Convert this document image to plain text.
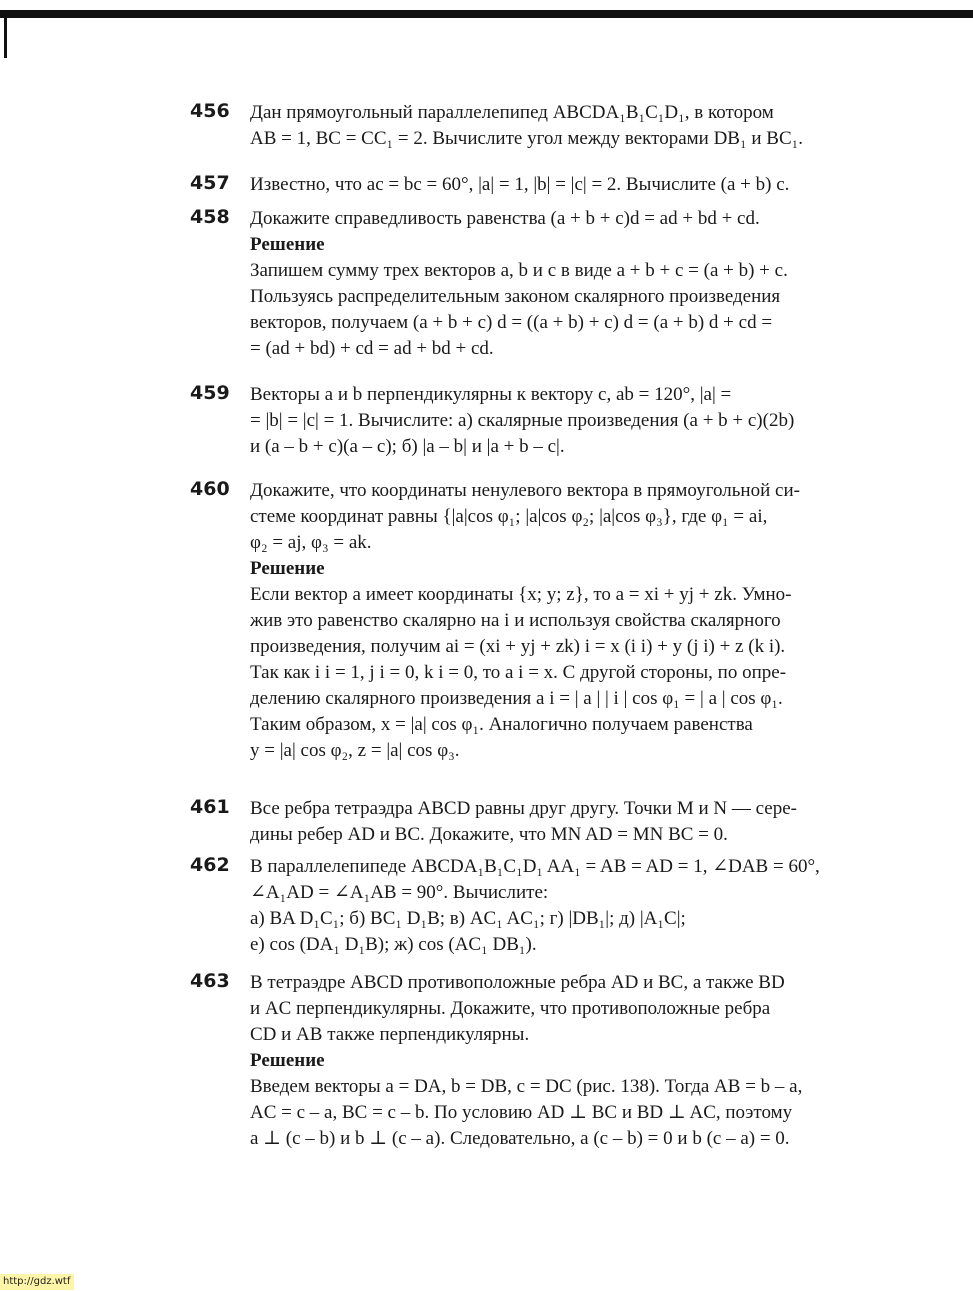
456	Дан прямоугольный параллелепипед ABCDA₁B₁C₁D₁, в котором

AB = 1, BC = CC₁ = 2. Вычислите угол между векторами DB₁ и BC₁.

457	Известно, что ac = bc = 60°, |a| = 1, |b| = |c| = 2. Вычислите (a + b) c.

458	Докажите справедливость равенства (a + b + c)d = ad + bd + cd.

Решение

Запишем сумму трех векторов a, b и c в виде a + b + c = (a + b) + c.

Пользуясь распределительным законом скалярного произведения

векторов, получаем (a + b + c) d = ((a + b) + c) d = (a + b) d + cd =

= (ad + bd) + cd = ad + bd + cd.

459	Векторы a и b перпендикулярны к вектору c, ab = 120°, |a| =

= |b| = |c| = 1. Вычислите: а) скалярные произведения (a + b + c)(2b)

и (a – b + c)(a – c); б) |a – b| и |a + b – c|.

460	Докажите, что координаты ненулевого вектора в прямоугольной си-

стеме координат равны {|a|cos φ₁; |a|cos φ₂; |a|cos φ₃}, где φ₁ = ai,

φ₂ = aj, φ₃ = ak.

Решение

Если вектор a имеет координаты {x; y; z}, то a = xi + yj + zk. Умно-

жив это равенство скалярно на i и используя свойства скалярного

произведения, получим ai = (xi + yj + zk) i = x (i i) + y (j i) + z (k i).

Так как i i = 1, j i = 0, k i = 0, то a i = x. С другой стороны, по опре-

делению скалярного произведения a i = | a | | i | cos φ₁ = | a | cos φ₁.

Таким образом, x = |a| cos φ₁. Аналогично получаем равенства

y = |a| cos φ₂, z = |a| cos φ₃.

461	Все ребра тетраэдра ABCD равны друг другу. Точки M и N — сере-

дины ребер AD и BC. Докажите, что MN AD = MN BC = 0.

462	В параллелепипеде ABCDA₁B₁C₁D₁ AA₁ = AB = AD = 1, ∠DAB = 60°,

∠A₁AD = ∠A₁AB = 90°. Вычислите:

а) BA D₁C₁; б) BC₁ D₁B; в) AC₁ AC₁; г) |DB₁|; д) |A₁C|;

е) cos (DA₁ D₁B); ж) cos (AC₁ DB₁).

463	В тетраэдре ABCD противоположные ребра AD и BC, а также BD

и AC перпендикулярны. Докажите, что противоположные ребра

CD и AB также перпендикулярны.

Решение

Введем векторы a = DA, b = DB, c = DC (рис. 138). Тогда AB = b – a,

AC = c – a, BC = c – b. По условию AD ⊥ BC и BD ⊥ AC, поэтому

a ⊥ (c – b) и b ⊥ (c – a). Следовательно, a (c – b) = 0 и b (c – a) = 0.

http://gdz.wtf
